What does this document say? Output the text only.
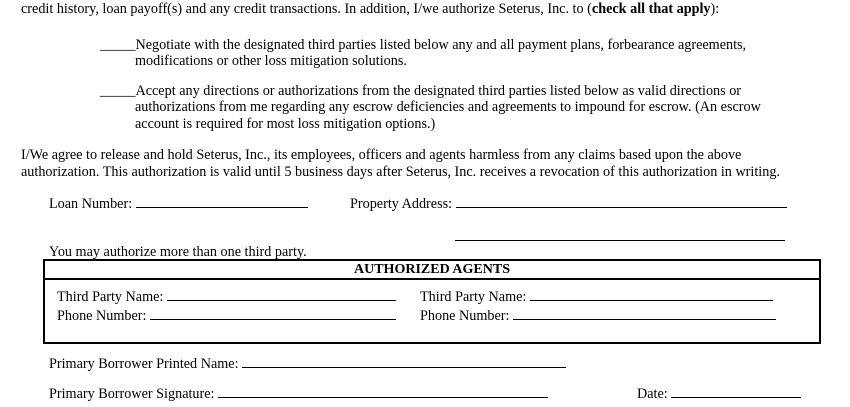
credit history, loan payoff(s) and any credit transactions. In addition, I/we authorize Seterus, Inc. to (check all that apply):
_____Negotiate with the designated third parties listed below any and all payment plans, forbearance agreements,
modifications or other loss mitigation solutions.
_____Accept any directions or authorizations from the designated third parties listed below as valid directions or
authorizations from me regarding any escrow deficiencies and agreements to impound for escrow. (An escrow
account is required for most loss mitigation options.)
I/We agree to release and hold Seterus, Inc., its employees, officers and agents harmless from any claims based upon the above
authorization. This authorization is valid until 5 business days after Seterus, Inc. receives a revocation of this authorization in writing.
Loan Number:	Property Address:
You may authorize more than one third party.
AUTHORIZED AGENTS
Third Party Name:
Phone Number:
Third Party Name:
Phone Number:
Primary Borrower Printed Name:
Primary Borrower Signature:	Date:
